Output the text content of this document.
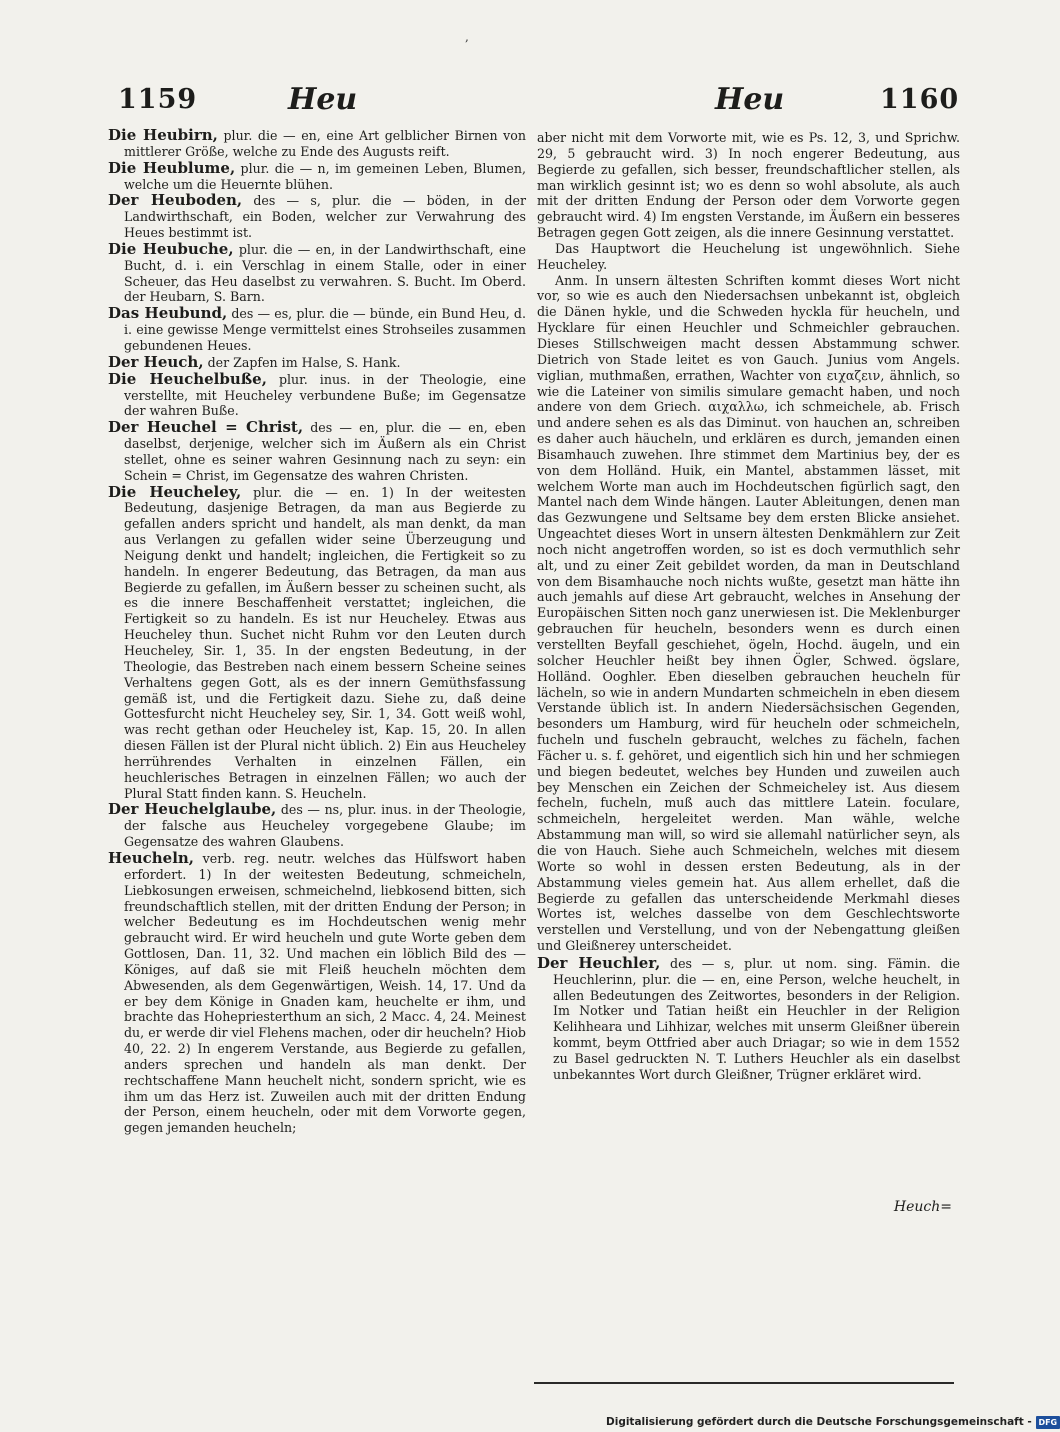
,
1159	Heu	Heu	1160

Die Heubirn, plur. die — en, eine Art gelblicher Birnen von mittlerer Größe, welche zu Ende des Augusts reift.

Die Heublume, plur. die — n, im gemeinen Leben, Blumen, welche um die Heuernte blühen.

Der Heuboden, des — s, plur. die — böden, in der Landwirthschaft, ein Boden, welcher zur Verwahrung des Heues bestimmt ist.

Die Heubuche, plur. die — en, in der Landwirthschaft, eine Bucht, d. i. ein Verschlag in einem Stalle, oder in einer Scheuer, das Heu daselbst zu verwahren. S. Bucht. Im Oberd. der Heubarn, S. Barn.

Das Heubund, des — es, plur. die — bünde, ein Bund Heu, d. i. eine gewisse Menge vermittelst eines Strohseiles zusammen gebundenen Heues.

Der Heuch, der Zapfen im Halse, S. Hank.

Die Heuchelbuße, plur. inus. in der Theologie, eine verstellte, mit Heucheley verbundene Buße; im Gegensatze der wahren Buße.

Der Heuchel = Christ, des — en, plur. die — en, eben daselbst, derjenige, welcher sich im Äußern als ein Christ stellet, ohne es seiner wahren Gesinnung nach zu seyn: ein Schein = Christ, im Gegensatze des wahren Christen.

Die Heucheley, plur. die — en. 1) In der weitesten Bedeutung, dasjenige Betragen, da man aus Begierde zu gefallen anders spricht und handelt, als man denkt, da man aus Verlangen zu gefallen wider seine Überzeugung und Neigung denkt und handelt; ingleichen, die Fertigkeit so zu handeln. In engerer Bedeutung, das Betragen, da man aus Begierde zu gefallen, im Äußern besser zu scheinen sucht, als es die innere Beschaffenheit verstattet; ingleichen, die Fertigkeit so zu handeln. Es ist nur Heucheley. Etwas aus Heucheley thun. Suchet nicht Ruhm vor den Leuten durch Heucheley, Sir. 1, 35. In der engsten Bedeutung, in der Theologie, das Bestreben nach einem bessern Scheine seines Verhaltens gegen Gott, als es der innern Gemüthsfassung gemäß ist, und die Fertigkeit dazu. Siehe zu, daß deine Gottesfurcht nicht Heucheley sey, Sir. 1, 34. Gott weiß wohl, was recht gethan oder Heucheley ist, Kap. 15, 20. In allen diesen Fällen ist der Plural nicht üblich. 2) Ein aus Heucheley herrührendes Verhalten in einzelnen Fällen, ein heuchlerisches Betragen in einzelnen Fällen; wo auch der Plural Statt finden kann. S. Heucheln.

Der Heuchelglaube, des — ns, plur. inus. in der Theologie, der falsche aus Heucheley vorgegebene Glaube; im Gegensatze des wahren Glaubens.

Heucheln, verb. reg. neutr. welches das Hülfswort haben erfordert. 1) In der weitesten Bedeutung, schmeicheln, Liebkosungen erweisen, schmeichelnd, liebkosend bitten, sich freundschaftlich stellen, mit der dritten Endung der Person; in welcher Bedeutung es im Hochdeutschen wenig mehr gebraucht wird. Er wird heucheln und gute Worte geben dem Gottlosen, Dan. 11, 32. Und machen ein löblich Bild des — Königes, auf daß sie mit Fleiß heucheln möchten dem Abwesenden, als dem Gegenwärtigen, Weish. 14, 17. Und da er bey dem Könige in Gnaden kam, heuchelte er ihm, und brachte das Hohepriesterthum an sich, 2 Macc. 4, 24. Meinest du, er werde dir viel Flehens machen, oder dir heucheln? Hiob 40, 22. 2) In engerem Verstande, aus Begierde zu gefallen, anders sprechen und handeln als man denkt. Der rechtschaffene Mann heuchelt nicht, sondern spricht, wie es ihm um das Herz ist. Zuweilen auch mit der dritten Endung der Person, einem heucheln, oder mit dem Vorworte gegen, gegen jemanden heucheln;

aber nicht mit dem Vorworte mit, wie es Ps. 12, 3, und Sprichw. 29, 5 gebraucht wird. 3) In noch engerer Bedeutung, aus Begierde zu gefallen, sich besser, freundschaftlicher stellen, als man wirklich gesinnt ist; wo es denn so wohl absolute, als auch mit der dritten Endung der Person oder dem Vorworte gegen gebraucht wird. 4) Im engsten Verstande, im Äußern ein besseres Betragen gegen Gott zeigen, als die innere Gesinnung verstattet.

Das Hauptwort die Heuchelung ist ungewöhnlich. Siehe Heucheley.

Anm. In unsern ältesten Schriften kommt dieses Wort nicht vor, so wie es auch den Niedersachsen unbekannt ist, obgleich die Dänen hykle, und die Schweden hyckla für heucheln, und Hycklare für einen Heuchler und Schmeichler gebrauchen. Dieses Stillschweigen macht dessen Abstammung schwer. Dietrich von Stade leitet es von Gauch. Junius vom Angels. viglian, muthmaßen, errathen, Wachter von ειχαζειν, ähnlich, so wie die Lateiner von similis simulare gemacht haben, und noch andere von dem Griech. αιχαλλω, ich schmeichele, ab. Frisch und andere sehen es als das Diminut. von hauchen an, schreiben es daher auch häucheln, und erklären es durch, jemanden einen Bisamhauch zuwehen. Ihre stimmet dem Martinius bey, der es von dem Holländ. Huik, ein Mantel, abstammen lässet, mit welchem Worte man auch im Hochdeutschen figürlich sagt, den Mantel nach dem Winde hängen. Lauter Ableitungen, denen man das Gezwungene und Seltsame bey dem ersten Blicke ansiehet. Ungeachtet dieses Wort in unsern ältesten Denkmählern zur Zeit noch nicht angetroffen worden, so ist es doch vermuthlich sehr alt, und zu einer Zeit gebildet worden, da man in Deutschland von dem Bisamhauche noch nichts wußte, gesetzt man hätte ihn auch jemahls auf diese Art gebraucht, welches in Ansehung der Europäischen Sitten noch ganz unerwiesen ist. Die Meklenburger gebrauchen für heucheln, besonders wenn es durch einen verstellten Beyfall geschiehet, ögeln, Hochd. äugeln, und ein solcher Heuchler heißt bey ihnen Ögler, Schwed. ögslare, Holländ. Ooghler. Eben dieselben gebrauchen heucheln für lächeln, so wie in andern Mundarten schmeicheln in eben diesem Verstande üblich ist. In andern Niedersächsischen Gegenden, besonders um Hamburg, wird für heucheln oder schmeicheln, fucheln und fuscheln gebraucht, welches zu fächeln, fachen Fächer u. s. f. gehöret, und eigentlich sich hin und her schmiegen und biegen bedeutet, welches bey Hunden und zuweilen auch bey Menschen ein Zeichen der Schmeicheley ist. Aus diesem fecheln, fucheln, muß auch das mittlere Latein. foculare, schmeicheln, hergeleitet werden. Man wähle, welche Abstammung man will, so wird sie allemahl natürlicher seyn, als die von Hauch. Siehe auch Schmeicheln, welches mit diesem Worte so wohl in dessen ersten Bedeutung, als in der Abstammung vieles gemein hat. Aus allem erhellet, daß die Begierde zu gefallen das unterscheidende Merkmahl dieses Wortes ist, welches dasselbe von dem Geschlechtsworte verstellen und Verstellung, und von der Nebengattung gleißen und Gleißnerey unterscheidet.

Der Heuchler, des — s, plur. ut nom. sing. Fämin. die Heuchlerinn, plur. die — en, eine Person, welche heuchelt, in allen Bedeutungen des Zeitwortes, besonders in der Religion. Im Notker und Tatian heißt ein Heuchler in der Religion Kelihheara und Lihhizar, welches mit unserm Gleißner überein kommt, beym Ottfried aber auch Driagar; so wie in dem 1552 zu Basel gedruckten N. T. Luthers Heuchler als ein daselbst unbekanntes Wort durch Gleißner, Trügner erkläret wird.

Heuch=
Digitalisierung gefördert durch die Deutsche Forschungsgemeinschaft - DFG
